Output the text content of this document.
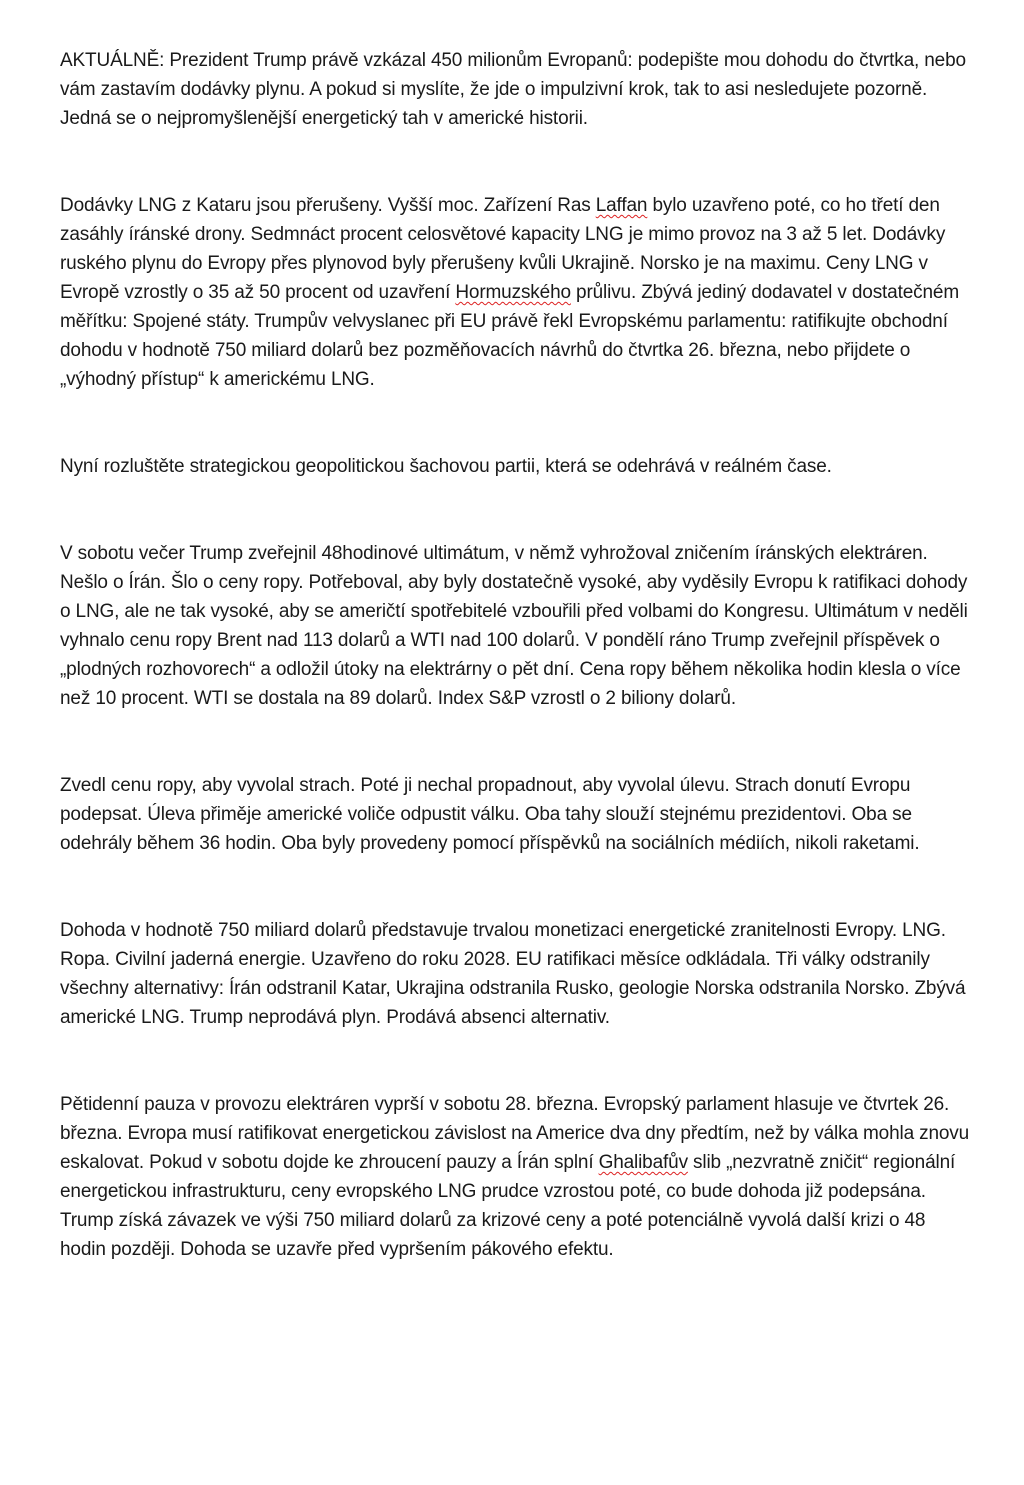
AKTUÁLNĚ: Prezident Trump právě vzkázal 450 milionům Evropanů: podepište mou dohodu do čtvrtka, nebo vám zastavím dodávky plynu. A pokud si myslíte, že jde o impulzivní krok, tak to asi nesledujete pozorně. Jedná se o nejpromyšlenější energetický tah v americké historii.

Dodávky LNG z Kataru jsou přerušeny. Vyšší moc. Zařízení Ras Laffan bylo uzavřeno poté, co ho třetí den zasáhly íránské drony. Sedmnáct procent celosvětové kapacity LNG je mimo provoz na 3 až 5 let. Dodávky ruského plynu do Evropy přes plynovod byly přerušeny kvůli Ukrajině. Norsko je na maximu. Ceny LNG v Evropě vzrostly o 35 až 50 procent od uzavření Hormuzského průlivu. Zbývá jediný dodavatel v dostatečném měřítku: Spojené státy. Trumpův velvyslanec při EU právě řekl Evropskému parlamentu: ratifikujte obchodní dohodu v hodnotě 750 miliard dolarů bez pozměňovacích návrhů do čtvrtka 26. března, nebo přijdete o „výhodný přístup“ k americkému LNG.

Nyní rozluštěte strategickou geopolitickou šachovou partii, která se odehrává v reálném čase.

V sobotu večer Trump zveřejnil 48hodinové ultimátum, v němž vyhrožoval zničením íránských elektráren. Nešlo o Írán. Šlo o ceny ropy. Potřeboval, aby byly dostatečně vysoké, aby vyděsily Evropu k ratifikaci dohody o LNG, ale ne tak vysoké, aby se američtí spotřebitelé vzbouřili před volbami do Kongresu. Ultimátum v neděli vyhnalo cenu ropy Brent nad 113 dolarů a WTI nad 100 dolarů. V pondělí ráno Trump zveřejnil příspěvek o „plodných rozhovorech“ a odložil útoky na elektrárny o pět dní. Cena ropy během několika hodin klesla o více než 10 procent. WTI se dostala na 89 dolarů. Index S&P vzrostl o 2 biliony dolarů.

Zvedl cenu ropy, aby vyvolal strach. Poté ji nechal propadnout, aby vyvolal úlevu. Strach donutí Evropu podepsat. Úleva přiměje americké voliče odpustit válku. Oba tahy slouží stejnému prezidentovi. Oba se odehrály během 36 hodin. Oba byly provedeny pomocí příspěvků na sociálních médiích, nikoli raketami.

Dohoda v hodnotě 750 miliard dolarů představuje trvalou monetizaci energetické zranitelnosti Evropy. LNG. Ropa. Civilní jaderná energie. Uzavřeno do roku 2028. EU ratifikaci měsíce odkládala. Tři války odstranily všechny alternativy: Írán odstranil Katar, Ukrajina odstranila Rusko, geologie Norska odstranila Norsko. Zbývá americké LNG. Trump neprodává plyn. Prodává absenci alternativ.

Pětidenní pauza v provozu elektráren vyprší v sobotu 28. března. Evropský parlament hlasuje ve čtvrtek 26. března. Evropa musí ratifikovat energetickou závislost na Americe dva dny předtím, než by válka mohla znovu eskalovat. Pokud v sobotu dojde ke zhroucení pauzy a Írán splní Ghalibafův slib „nezvratně zničit“ regionální energetickou infrastrukturu, ceny evropského LNG prudce vzrostou poté, co bude dohoda již podepsána. Trump získá závazek ve výši 750 miliard dolarů za krizové ceny a poté potenciálně vyvolá další krizi o 48 hodin později. Dohoda se uzavře před vypršením pákového efektu.
